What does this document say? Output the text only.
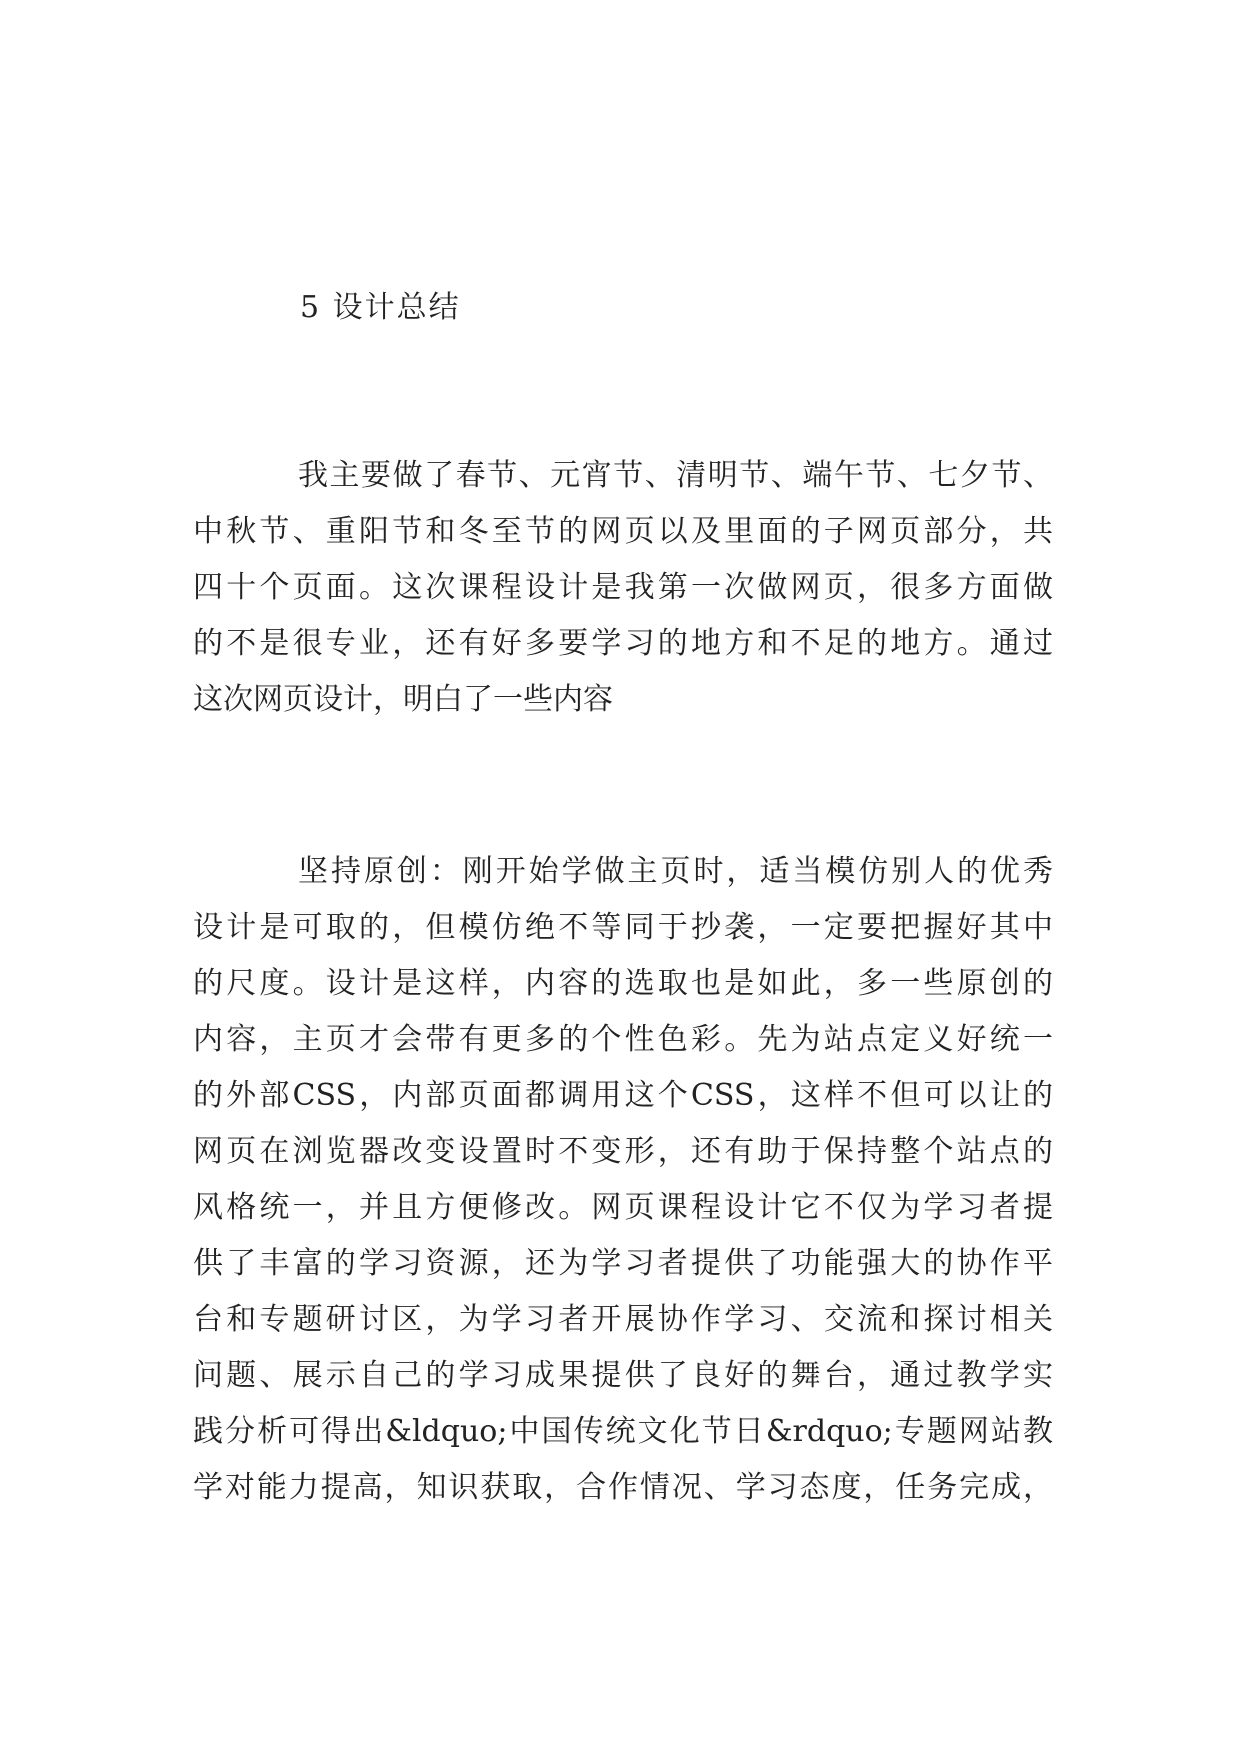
5 设计总结
我主要做了春节、元宵节、清明节、端午节、七夕节、
中秋节、重阳节和冬至节的网页以及里面的子网页部分，共
四十个页面。这次课程设计是我第一次做网页，很多方面做
的不是很专业，还有好多要学习的地方和不足的地方。通过
这次网页设计，明白了一些内容
坚持原创：刚开始学做主页时，适当模仿别人的优秀
设计是可取的，但模仿绝不等同于抄袭，一定要把握好其中
的尺度。设计是这样，内容的选取也是如此，多一些原创的
内容，主页才会带有更多的个性色彩。先为站点定义好统一
的外部CSS，内部页面都调用这个CSS，这样不但可以让的
网页在浏览器改变设置时不变形，还有助于保持整个站点的
风格统一，并且方便修改。网页课程设计它不仅为学习者提
供了丰富的学习资源，还为学习者提供了功能强大的协作平
台和专题研讨区，为学习者开展协作学习、交流和探讨相关
问题、展示自己的学习成果提供了良好的舞台，通过教学实
践分析可得出&ldquo;中国传统文化节日&rdquo;专题网站教
学对能力提高，知识获取，合作情况、学习态度，任务完成，
